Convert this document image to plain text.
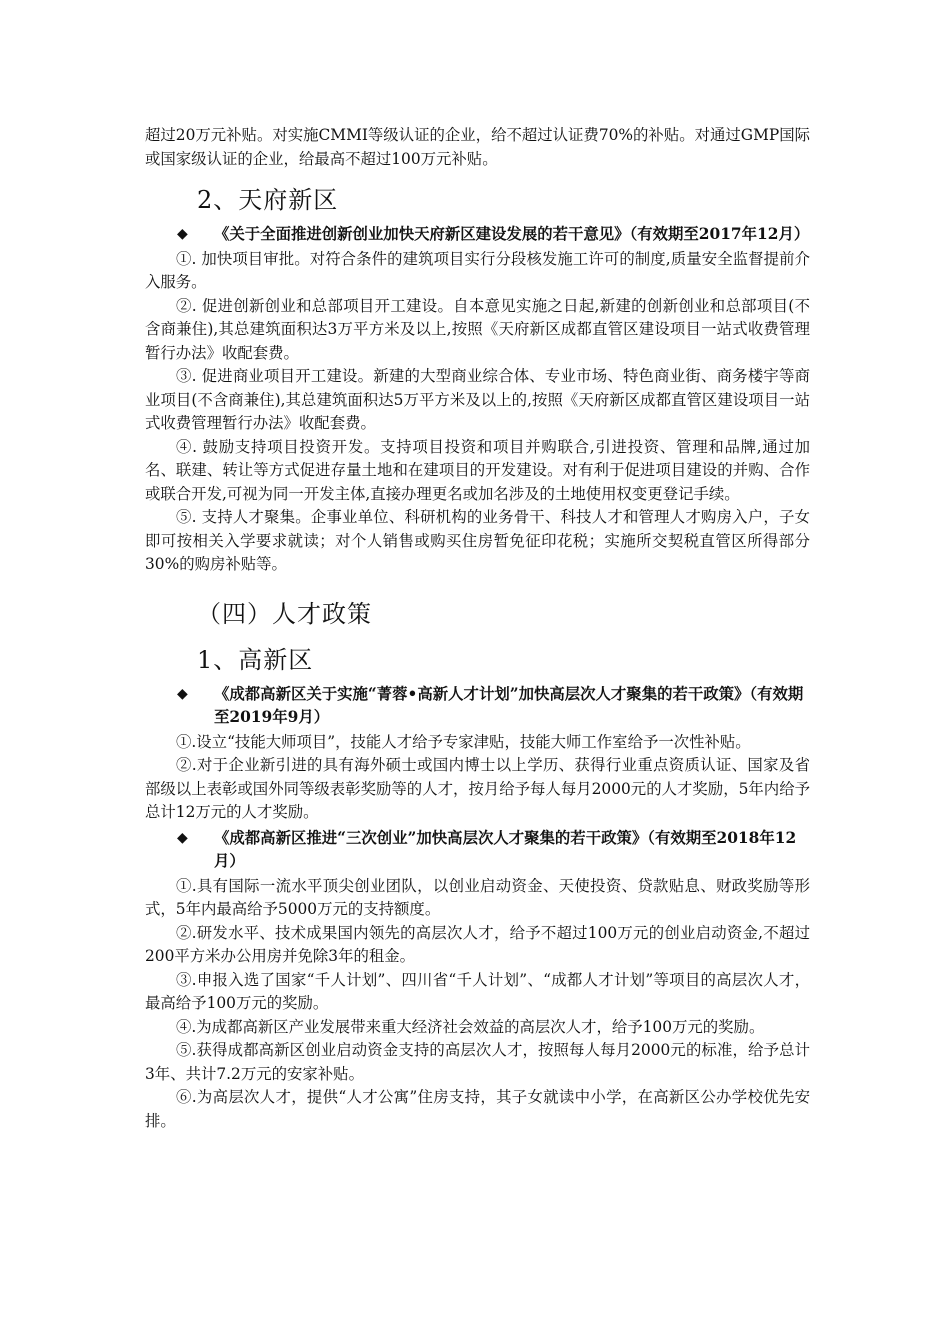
超过20万元补贴。对实施CMMI等级认证的企业，给不超过认证费70%的补贴。对通过GMP国际或国家级认证的企业，给最高不超过100万元补贴。

2、天府新区
◆ 《关于全面推进创新创业加快天府新区建设发展的若干意见》（有效期至2017年12月）

①. 加快项目审批。对符合条件的建筑项目实行分段核发施工许可的制度,质量安全监督提前介入服务。

②. 促进创新创业和总部项目开工建设。自本意见实施之日起,新建的创新创业和总部项目(不含商兼住),其总建筑面积达3万平方米及以上,按照《天府新区成都直管区建设项目一站式收费管理暂行办法》收配套费。

③. 促进商业项目开工建设。新建的大型商业综合体、专业市场、特色商业街、商务楼宇等商业项目(不含商兼住),其总建筑面积达5万平方米及以上的,按照《天府新区成都直管区建设项目一站式收费管理暂行办法》收配套费。

④. 鼓励支持项目投资开发。支持项目投资和项目并购联合,引进投资、管理和品牌,通过加名、联建、转让等方式促进存量土地和在建项目的开发建设。对有利于促进项目建设的并购、合作或联合开发,可视为同一开发主体,直接办理更名或加名涉及的土地使用权变更登记手续。

⑤. 支持人才聚集。企事业单位、科研机构的业务骨干、科技人才和管理人才购房入户，子女即可按相关入学要求就读；对个人销售或购买住房暂免征印花税；实施所交契税直管区所得部分30%的购房补贴等。

（四）人才政策
1、高新区
◆ 《成都高新区关于实施“菁蓉•高新人才计划”加快高层次人才聚集的若干政策》（有效期至2019年9月）

①.设立“技能大师项目”，技能人才给予专家津贴，技能大师工作室给予一次性补贴。

②.对于企业新引进的具有海外硕士或国内博士以上学历、获得行业重点资质认证、国家及省部级以上表彰或国外同等级表彰奖励等的人才，按月给予每人每月2000元的人才奖励，5年内给予总计12万元的人才奖励。

◆ 《成都高新区推进“三次创业”加快高层次人才聚集的若干政策》（有效期至2018年12月）

①.具有国际一流水平顶尖创业团队，以创业启动资金、天使投资、贷款贴息、财政奖励等形式，5年内最高给予5000万元的支持额度。

②.研发水平、技术成果国内领先的高层次人才，给予不超过100万元的创业启动资金,不超过200平方米办公用房并免除3年的租金。

③.申报入选了国家“千人计划”、四川省“千人计划”、“成都人才计划”等项目的高层次人才，最高给予100万元的奖励。

④.为成都高新区产业发展带来重大经济社会效益的高层次人才，给予100万元的奖励。

⑤.获得成都高新区创业启动资金支持的高层次人才，按照每人每月2000元的标准，给予总计3年、共计7.2万元的安家补贴。

⑥.为高层次人才，提供“人才公寓”住房支持，其子女就读中小学，在高新区公办学校优先安排。
